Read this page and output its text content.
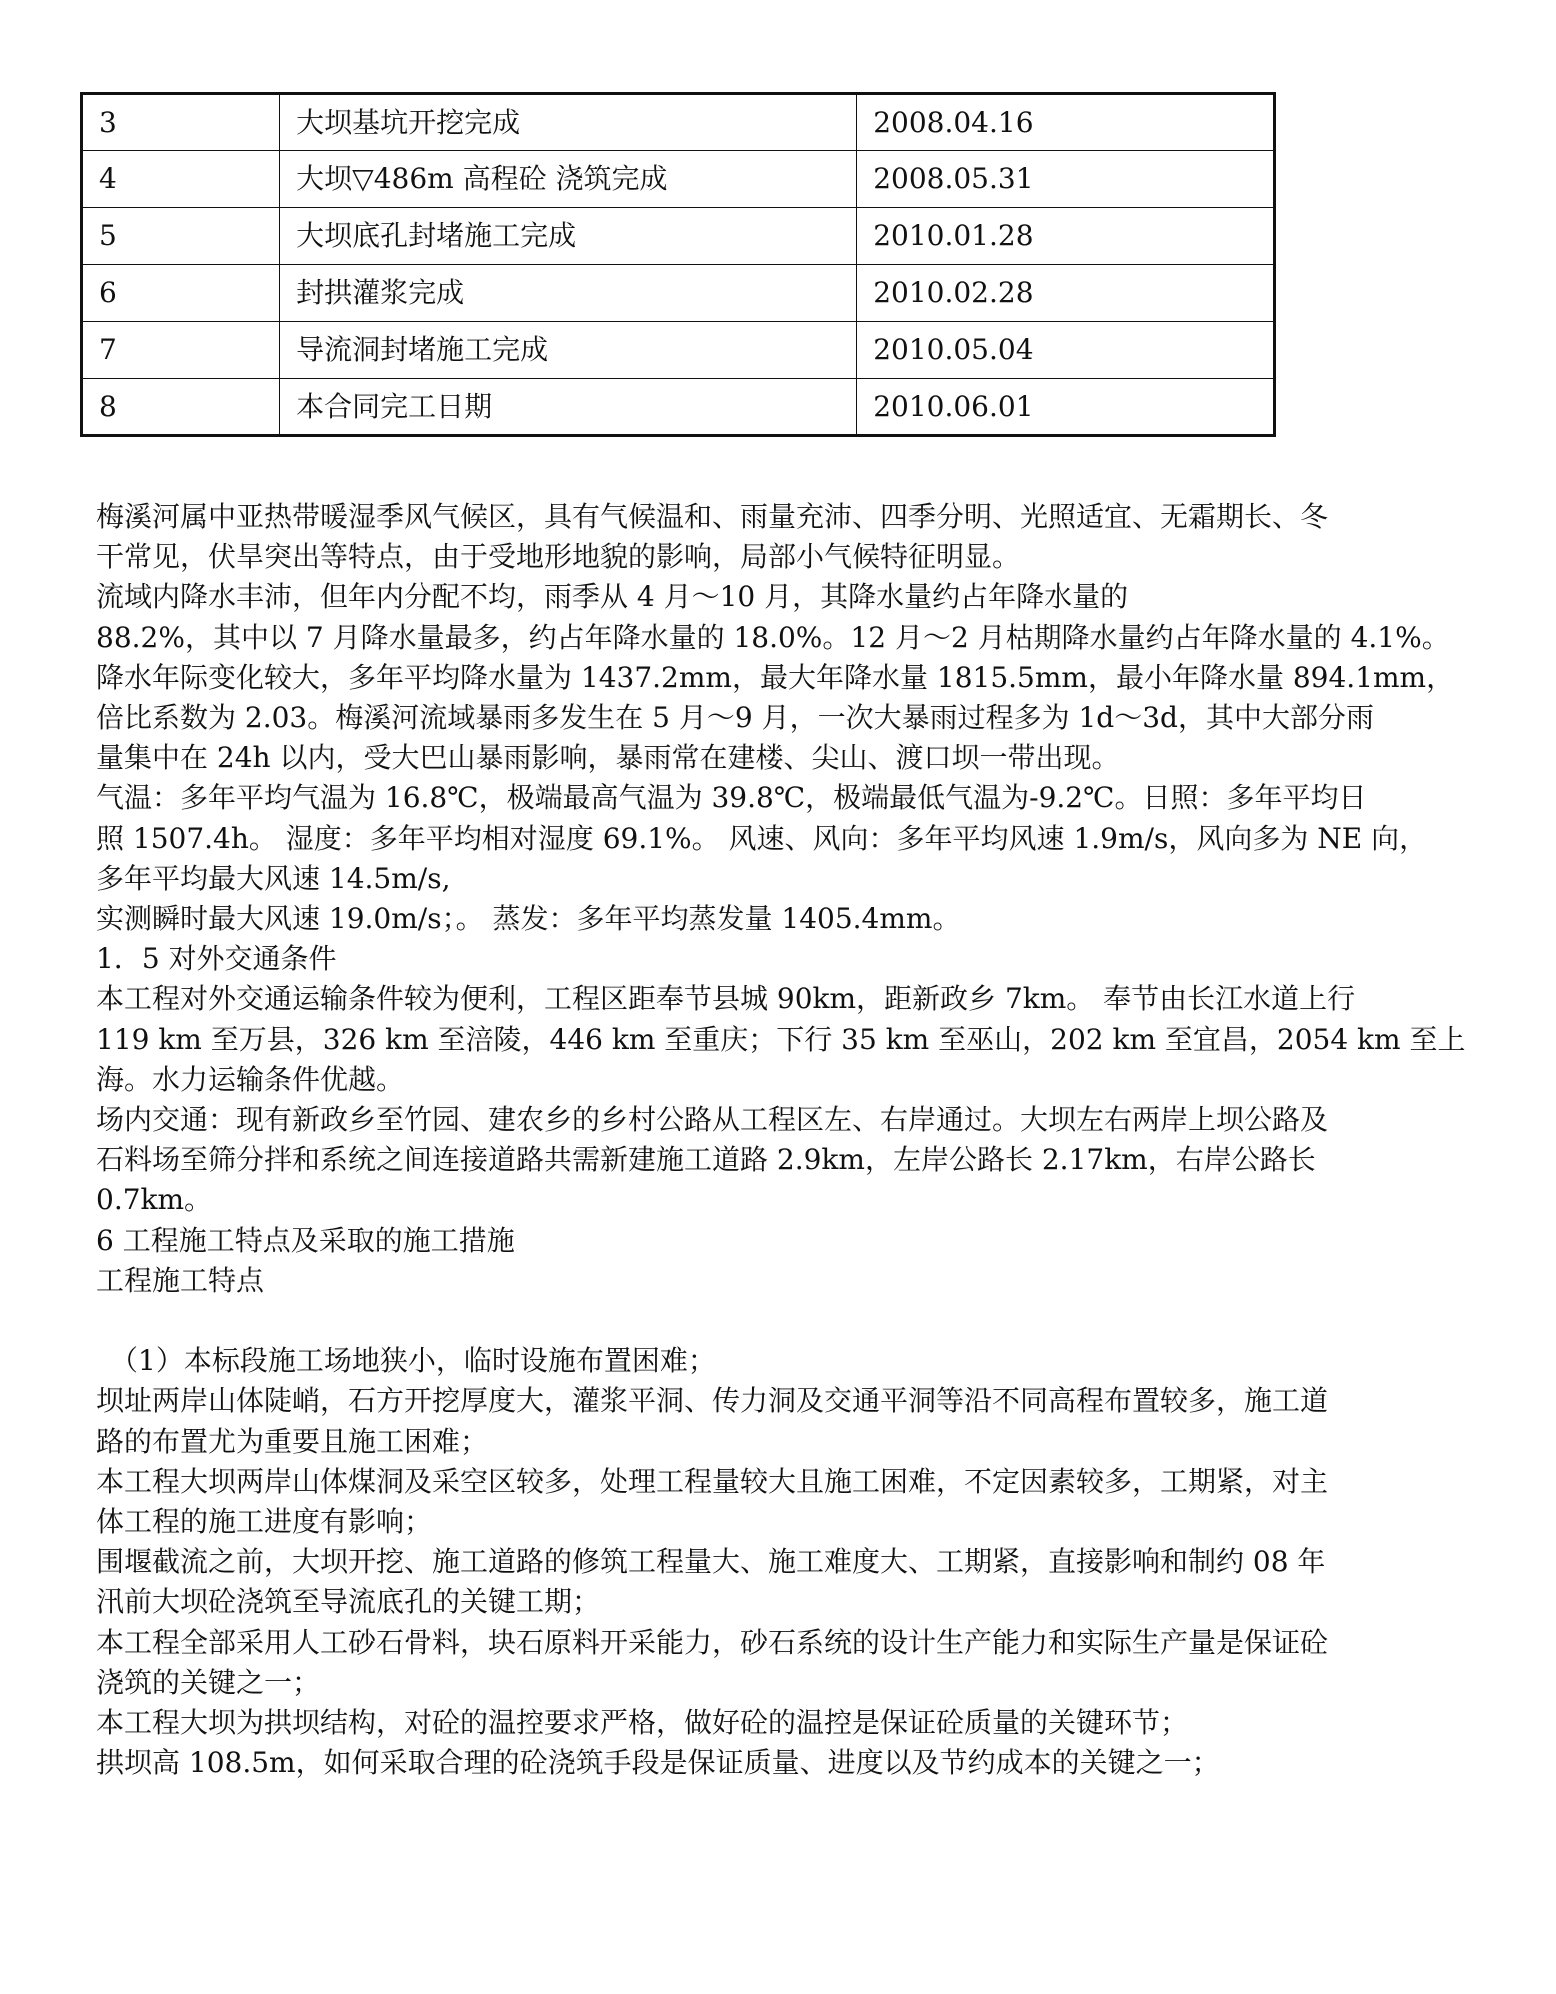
3	大坝基坑开挖完成	2008.04.16
4	大坝▽486m 高程砼 浇筑完成	2008.05.31
5	大坝底孔封堵施工完成	2010.01.28
6	封拱灌浆完成	2010.02.28
7	导流洞封堵施工完成	2010.05.04
8	本合同完工日期	2010.06.01

梅溪河属中亚热带暖湿季风气候区，具有气候温和、雨量充沛、四季分明、光照适宜、无霜期长、冬

干常见，伏旱突出等特点，由于受地形地貌的影响，局部小气候特征明显。

流域内降水丰沛，但年内分配不均，雨季从 4 月～10 月，其降水量约占年降水量的

88.2%，其中以 7 月降水量最多，约占年降水量的 18.0%。12 月～2 月枯期降水量约占年降水量的 4.1%。

降水年际变化较大，多年平均降水量为 1437.2mm，最大年降水量 1815.5mm，最小年降水量 894.1mm，

倍比系数为 2.03。梅溪河流域暴雨多发生在 5 月～9 月，一次大暴雨过程多为 1d～3d，其中大部分雨

量集中在 24h 以内，受大巴山暴雨影响，暴雨常在建楼、尖山、渡口坝一带出现。

气温：多年平均气温为 16.8℃，极端最高气温为 39.8℃，极端最低气温为-9.2℃。日照：多年平均日

照 1507.4h。 湿度：多年平均相对湿度 69.1%。 风速、风向：多年平均风速 1.9m/s，风向多为 NE 向，

多年平均最大风速 14.5m/s,

实测瞬时最大风速 19.0m/s；。 蒸发：多年平均蒸发量 1405.4mm。

1．5 对外交通条件

本工程对外交通运输条件较为便利，工程区距奉节县城 90km，距新政乡 7km。 奉节由长江水道上行

119 km 至万县，326 km 至涪陵，446 km 至重庆；下行 35 km 至巫山，202 km 至宜昌，2054 km 至上

海。水力运输条件优越。

场内交通：现有新政乡至竹园、建农乡的乡村公路从工程区左、右岸通过。大坝左右两岸上坝公路及

石料场至筛分拌和系统之间连接道路共需新建施工道路 2.9km，左岸公路长 2.17km，右岸公路长

0.7km。

6 工程施工特点及采取的施工措施

工程施工特点

（1）本标段施工场地狭小，临时设施布置困难；

坝址两岸山体陡峭，石方开挖厚度大，灌浆平洞、传力洞及交通平洞等沿不同高程布置较多，施工道

路的布置尤为重要且施工困难；

本工程大坝两岸山体煤洞及采空区较多，处理工程量较大且施工困难，不定因素较多，工期紧，对主

体工程的施工进度有影响；

围堰截流之前，大坝开挖、施工道路的修筑工程量大、施工难度大、工期紧，直接影响和制约 08 年

汛前大坝砼浇筑至导流底孔的关键工期；

本工程全部采用人工砂石骨料，块石原料开采能力，砂石系统的设计生产能力和实际生产量是保证砼

浇筑的关键之一；

本工程大坝为拱坝结构，对砼的温控要求严格，做好砼的温控是保证砼质量的关键环节；

拱坝高 108.5m，如何采取合理的砼浇筑手段是保证质量、进度以及节约成本的关键之一；
